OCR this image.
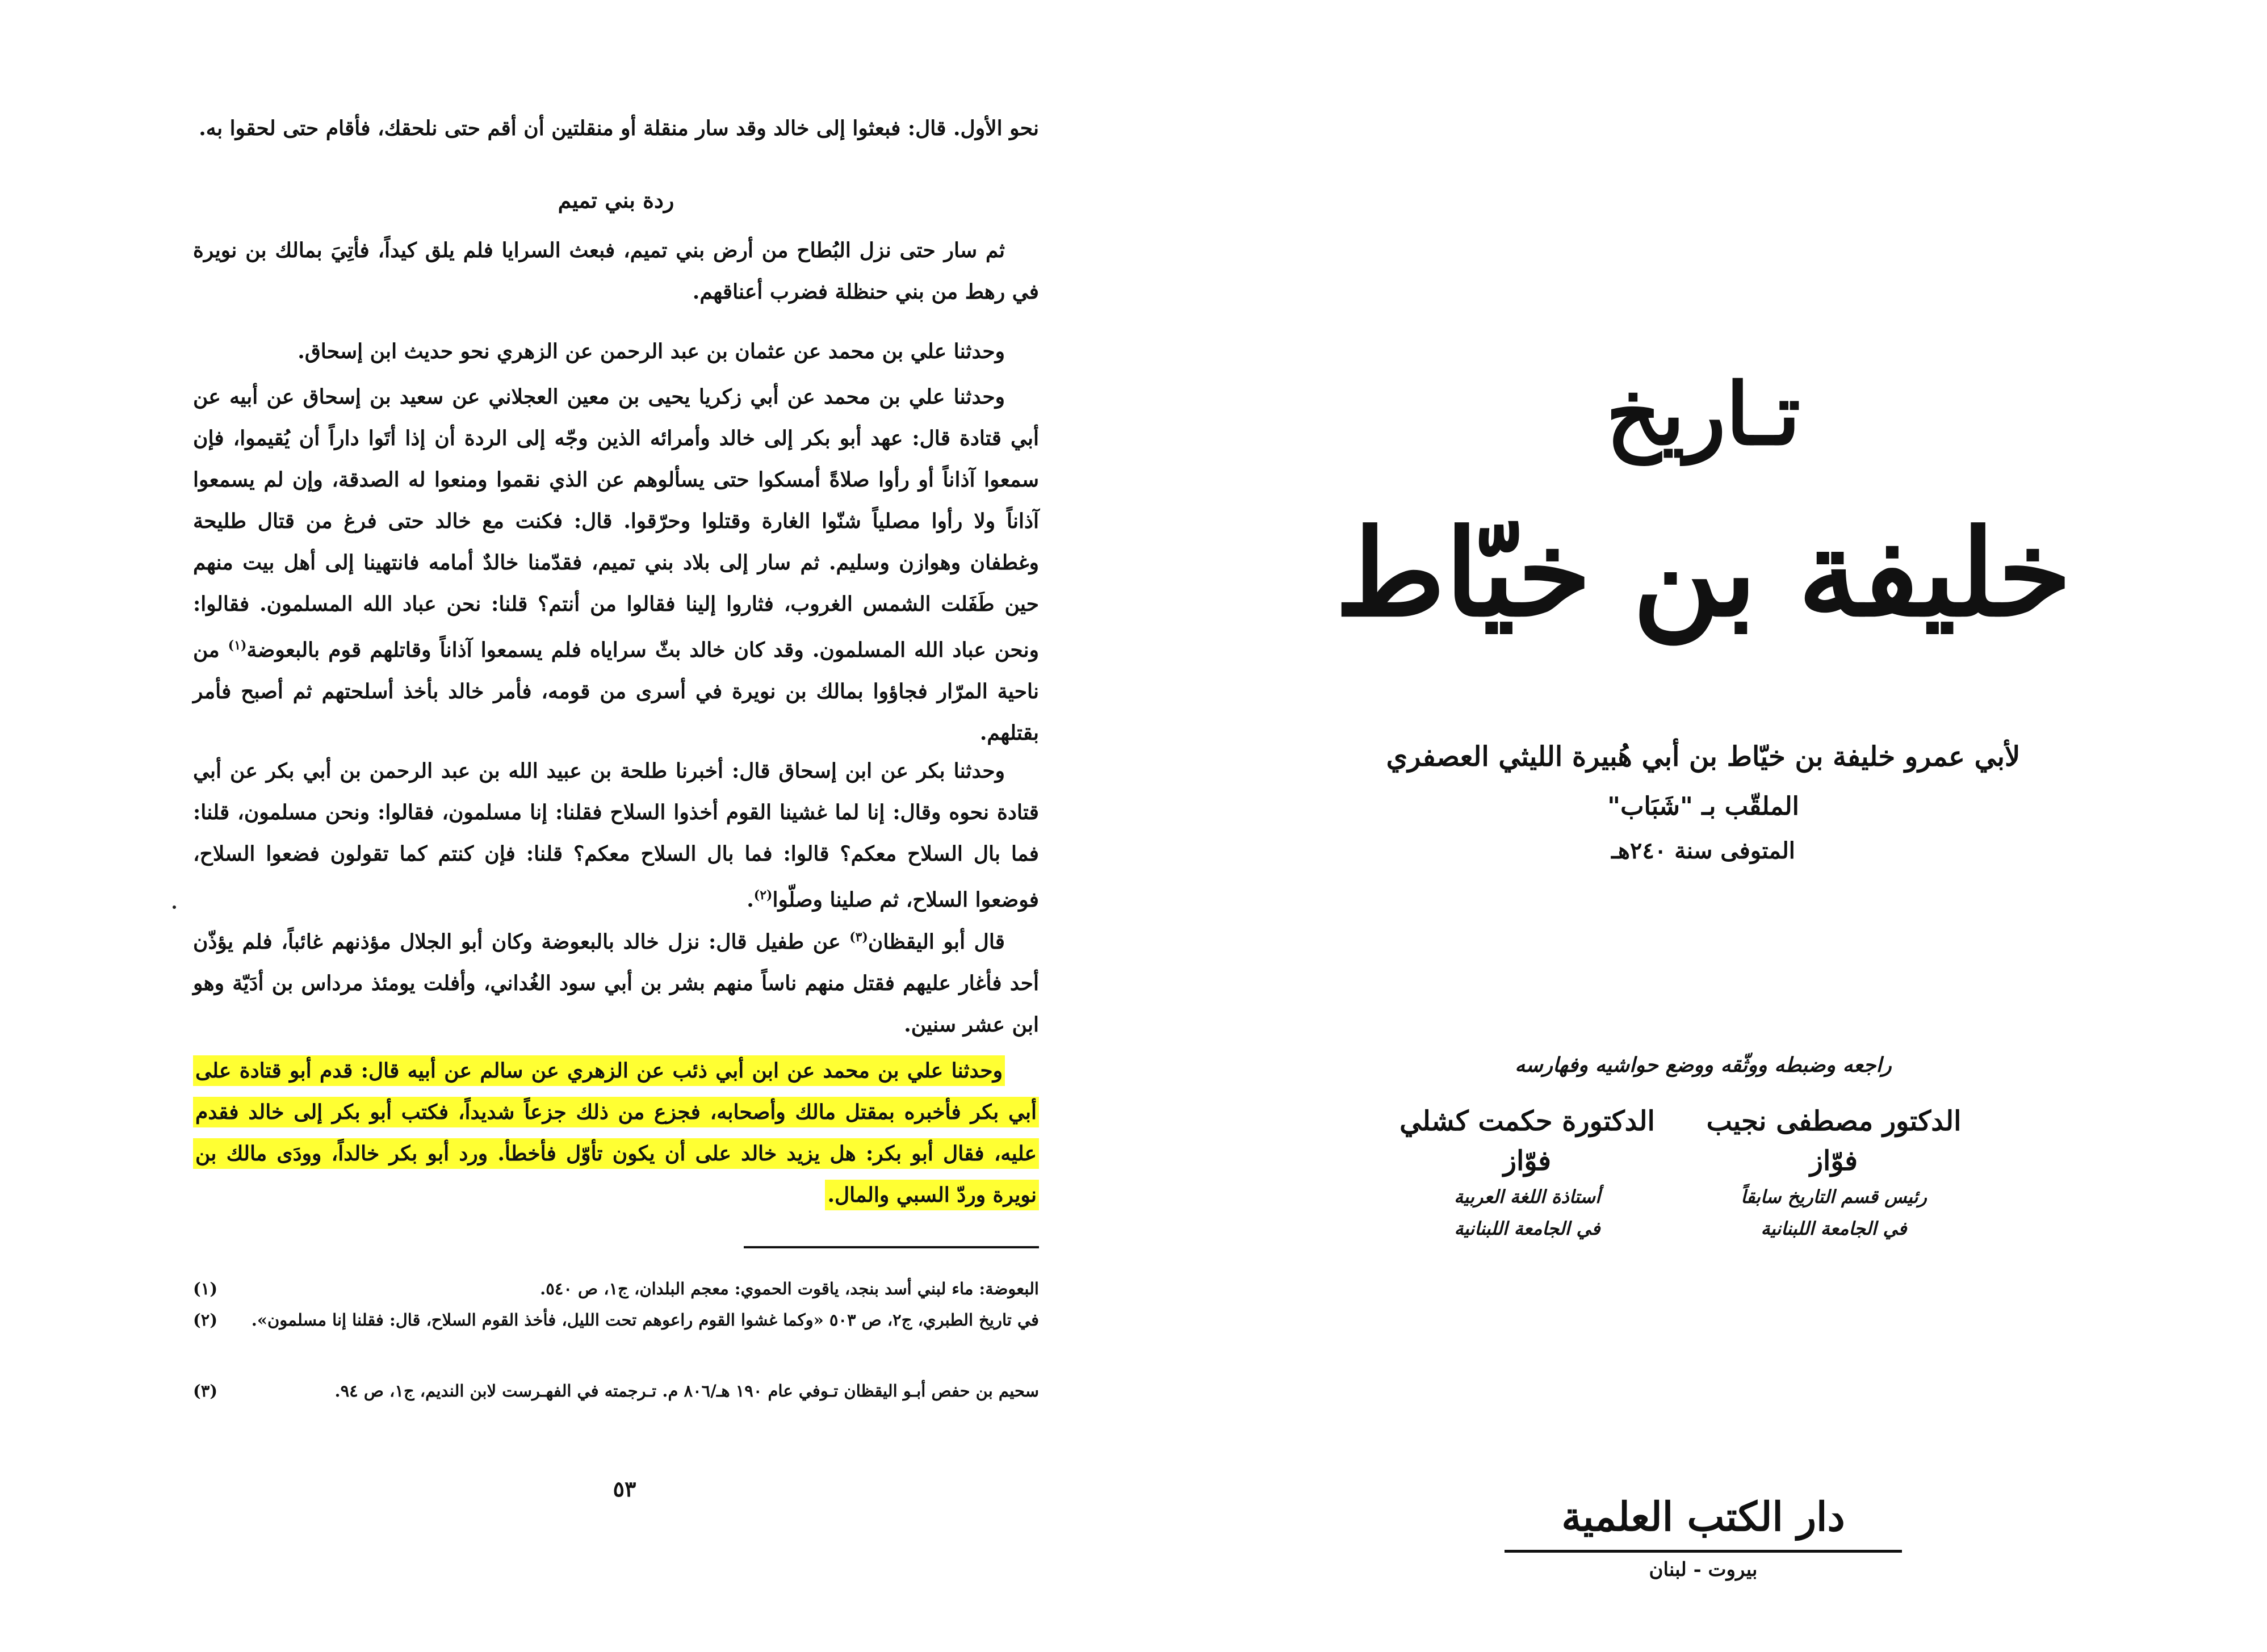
نحو الأول. قال: فبعثوا إلى خالد وقد سار منقلة أو منقلتين أن أقم حتى نلحقك، فأقام حتى لحقوا به.
ردة بني تميم
ثم سار حتى نزل البُطاح من أرض بني تميم، فبعث السرايا فلم يلق كيداً، فأتِيَ بمالك بن نويرة في رهط من بني حنظلة فضرب أعناقهم.
وحدثنا علي بن محمد عن عثمان بن عبد الرحمن عن الزهري نحو حديث ابن إسحاق.
وحدثنا علي بن محمد عن أبي زكريا يحيى بن معين العجلاني عن سعيد بن إسحاق عن أبيه عن أبي قتادة قال: عهد أبو بكر إلى خالد وأمرائه الذين وجّه إلى الردة أن إذا أتَوا داراً أن يُقيموا، فإن سمعوا آذاناً أو رأوا صلاةً أمسكوا حتى يسألوهم عن الذي نقموا ومنعوا له الصدقة، وإن لم يسمعوا آذاناً ولا رأوا مصلياً شنّوا الغارة وقتلوا وحرّقوا. قال: فكنت مع خالد حتى فرغ من قتال طليحة وغطفان وهوازن وسليم. ثم سار إلى بلاد بني تميم، فقدّمنا خالدٌ أمامه فانتهينا إلى أهل بيت منهم حين طَفَلت الشمس الغروب، فثاروا إلينا فقالوا من أنتم؟ قلنا: نحن عباد الله المسلمون. فقالوا: ونحن عباد الله المسلمون. وقد كان خالد بثّ سراياه فلم يسمعوا آذاناً وقاتلهم قوم بالبعوضة$^{(١)}$ من ناحية المرّار فجاؤوا بمالك بن نويرة في أسرى من قومه، فأمر خالد بأخذ أسلحتهم ثم أصبح فأمر بقتلهم.
وحدثنا بكر عن ابن إسحاق قال: أخبرنا طلحة بن عبيد الله بن عبد الرحمن بن أبي بكر عن أبي قتادة نحوه وقال: إنا لما غشينا القوم أخذوا السلاح فقلنا: إنا مسلمون، فقالوا: ونحن مسلمون، قلنا: فما بال السلاح معكم؟ قالوا: فما بال السلاح معكم؟ قلنا: فإن كنتم كما تقولون فضعوا السلاح، فوضعوا السلاح، ثم صلينا وصلّوا$^{(٢)}$.
قال أبو اليقظان$^{(٣)}$ عن طفيل قال: نزل خالد بالبعوضة وكان أبو الجلال مؤذنهم غائباً، فلم يؤذّن أحد فأغار عليهم فقتل منهم ناساً منهم بشر بن أبي سود الغُداني، وأفلت يومئذ مرداس بن أدَيّة وهو ابن عشر سنين.
وحدثنا علي بن محمد عن ابن أبي ذئب عن الزهري عن سالم عن أبيه قال: قدم أبو قتادة على أبي بكر فأخبره بمقتل مالك وأصحابه، فجزع من ذلك جزعاً شديداً، فكتب أبو بكر إلى خالد فقدم عليه، فقال أبو بكر: هل يزيد خالد على أن يكون تأوّل فأخطأ. ورد أبو بكر خالداً، وودَى مالك بن نويرة وردّ السبي والمال.
(١)	البعوضة: ماء لبني أسد بنجد، ياقوت الحموي: معجم البلدان، ج١، ص ٥٤٠.
(٢)	في تاريخ الطبري، ج٢، ص ٥٠٣ «وكما غشوا القوم راعوهم تحت الليل، فأخذ القوم السلاح، قال: فقلنا إنا مسلمون».
(٣)	سحيم بن حفص أبـو اليقظان تـوفي عام ١٩٠ هـ/٨٠٦ م. تـرجمته في الفهـرست لابن النديم، ج١، ص ٩٤.
٥٣
تـاريخ
خليفة بن خيّاط
لأبي عمرو خليفة بن خيّاط بن أبي هُبيرة الليثي العصفري
الملقّب بـ "شَبَاب"
المتوفى سنة ٢٤٠هـ
راجعه وضبطه ووثّقه ووضع حواشيه وفهارسه
الدكتور مصطفى نجيب فوّاز
رئيس قسم التاريخ سابقاً
في الجامعة اللبنانية
الدكتورة حكمت كشلي فوّاز
أستاذة اللغة العربية
في الجامعة اللبنانية
دار الكتب العلمية
بيروت - لبنان
